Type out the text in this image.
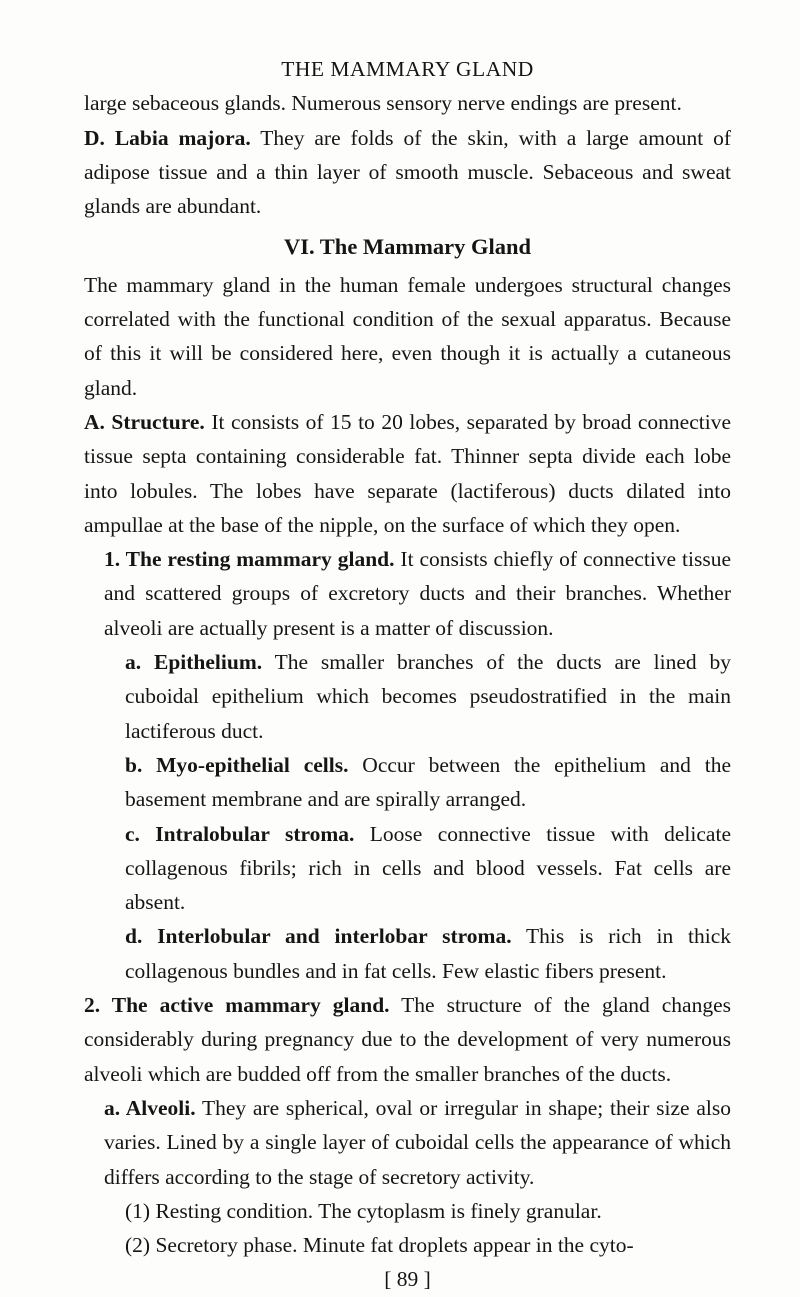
THE MAMMARY GLAND

large sebaceous glands. Numerous sensory nerve endings are present.

D. Labia majora. They are folds of the skin, with a large amount of adipose tissue and a thin layer of smooth muscle. Sebaceous and sweat glands are abundant.

VI. The Mammary Gland

The mammary gland in the human female undergoes structural changes correlated with the functional condition of the sexual apparatus. Because of this it will be considered here, even though it is actually a cutaneous gland.

A. Structure. It consists of 15 to 20 lobes, separated by broad connective tissue septa containing considerable fat. Thinner septa divide each lobe into lobules. The lobes have separate (lactiferous) ducts dilated into ampullae at the base of the nipple, on the surface of which they open.

1. The resting mammary gland. It consists chiefly of connective tissue and scattered groups of excretory ducts and their branches. Whether alveoli are actually present is a matter of discussion.

a. Epithelium. The smaller branches of the ducts are lined by cuboidal epithelium which becomes pseudostratified in the main lactiferous duct.

b. Myo-epithelial cells. Occur between the epithelium and the basement membrane and are spirally arranged.

c. Intralobular stroma. Loose connective tissue with delicate collagenous fibrils; rich in cells and blood vessels. Fat cells are absent.

d. Interlobular and interlobar stroma. This is rich in thick collagenous bundles and in fat cells. Few elastic fibers present.

2. The active mammary gland. The structure of the gland changes considerably during pregnancy due to the development of very numerous alveoli which are budded off from the smaller branches of the ducts.

a. Alveoli. They are spherical, oval or irregular in shape; their size also varies. Lined by a single layer of cuboidal cells the appearance of which differs according to the stage of secretory activity.

(1) Resting condition. The cytoplasm is finely granular.

(2) Secretory phase. Minute fat droplets appear in the cyto-

[ 89 ]
